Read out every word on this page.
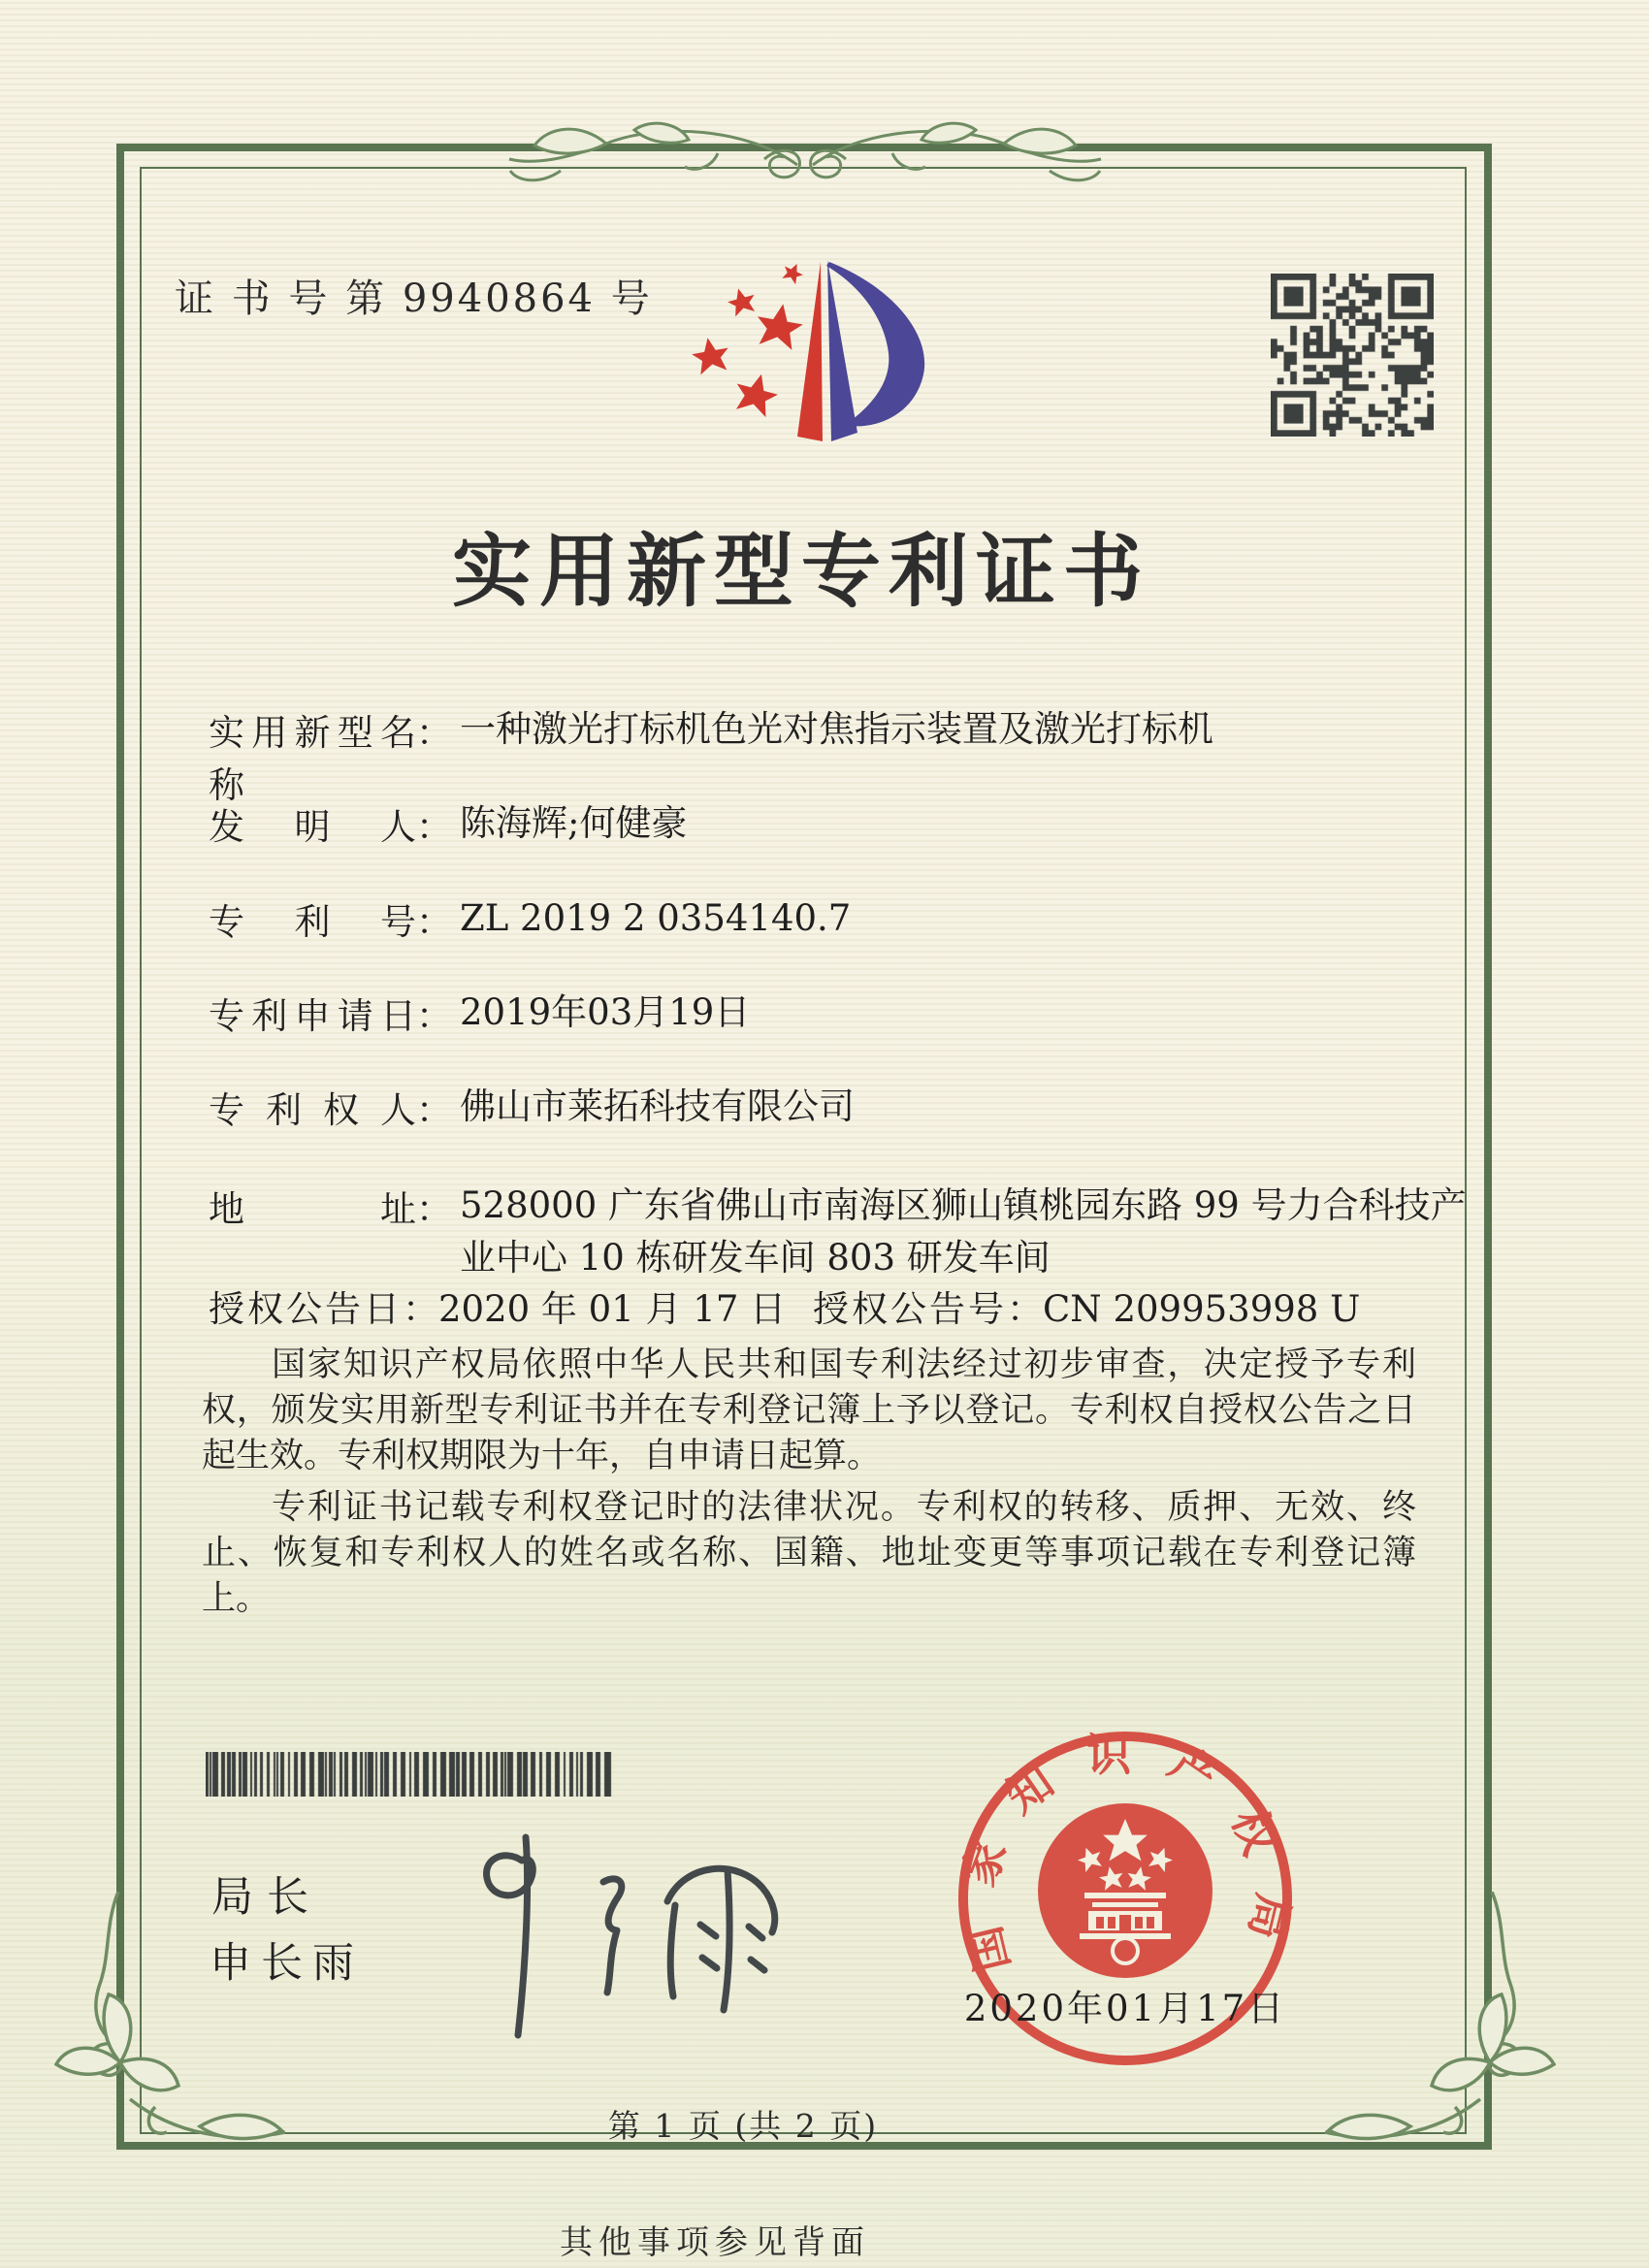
证 书 号 第 9940864 号
实用新型专利证书
实用新型名称： 一种激光打标机色光对焦指示装置及激光打标机
发明人： 陈海辉;何健豪
专利号： ZL 2019 2 0354140.7
专利申请日： 2019年03月19日
专利权人： 佛山市莱拓科技有限公司
地址： 528000 广东省佛山市南海区狮山镇桃园东路 99 号力合科技产业中心 10 栋研发车间 803 研发车间
授权公告日：2020 年 01 月 17 日 授权公告号：CN 209953998 U

国家知识产权局依照中华人民共和国专利法经过初步审查，决定授予专利权，颁发实用新型专利证书并在专利登记簿上予以登记。专利权自授权公告之日起生效。专利权期限为十年，自申请日起算。

专利证书记载专利权登记时的法律状况。专利权的转移、质押、无效、终止、恢复和专利权人的姓名或名称、国籍、地址变更等事项记载在专利登记簿上。

局长
申长雨	国家知识产权局
2020年01月17日
第 1 页 (共 2 页)
其他事项参见背面
